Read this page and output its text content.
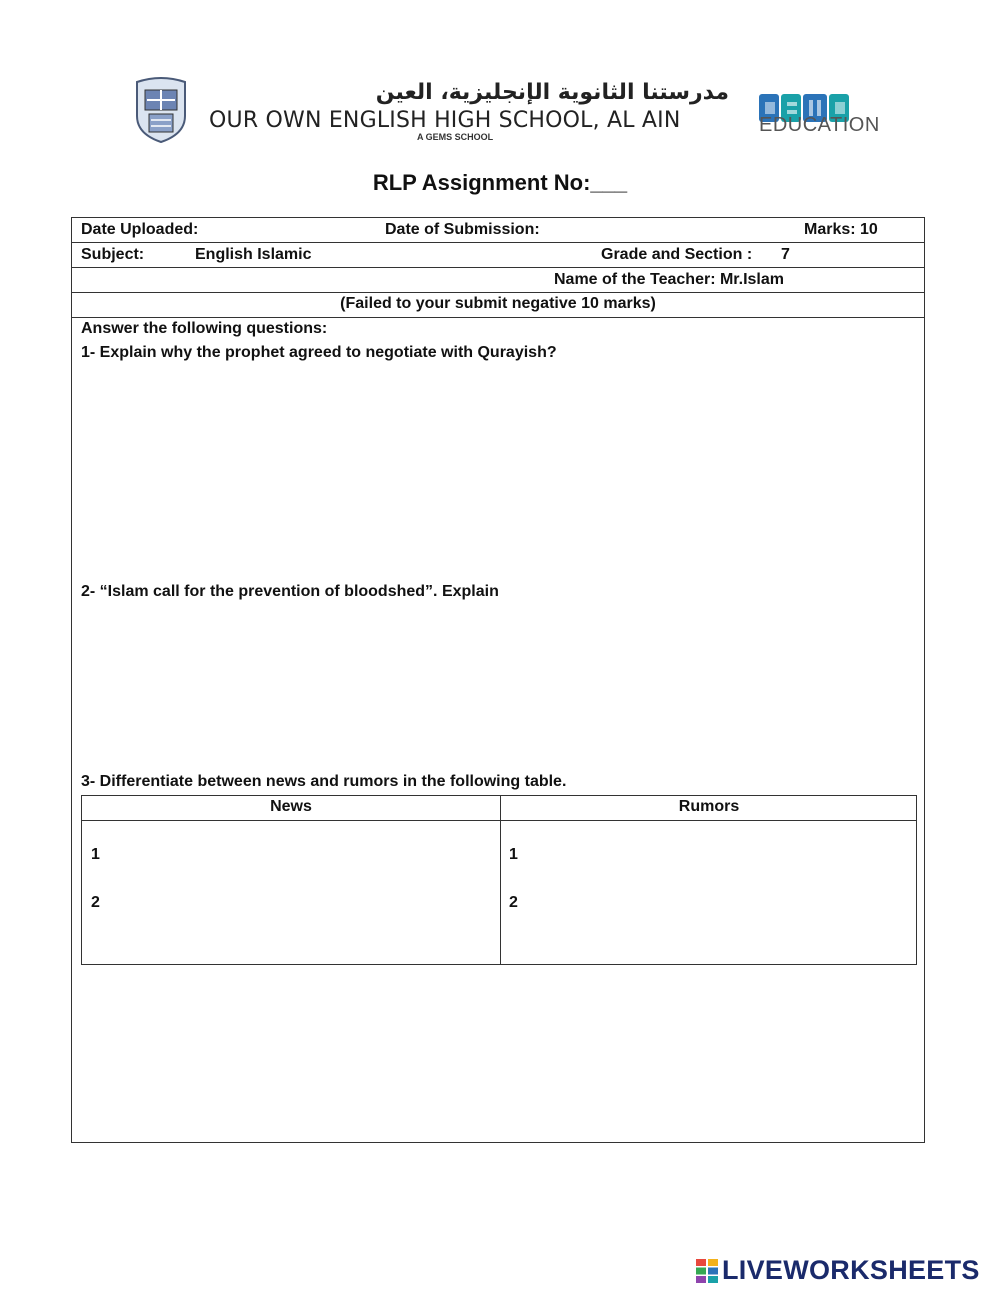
مدرستنا الثانوية الإنجليزية، العين
OUR OWN ENGLISH HIGH SCHOOL, AL AIN
A GEMS SCHOOL
EDUCATION
RLP Assignment No:___
Date Uploaded:	Date of Submission:	Marks: 10
Subject:	English Islamic	Grade and Section : 7
Name of the Teacher: Mr.Islam
(Failed to your submit negative 10 marks)
Answer the following questions:
1- Explain why the prophet agreed to negotiate with Qurayish?
2- “Islam call for the prevention of bloodshed”. Explain
3- Differentiate between news and rumors in the following table.
News	Rumors
1	1
2	2
LIVEWORKSHEETS
